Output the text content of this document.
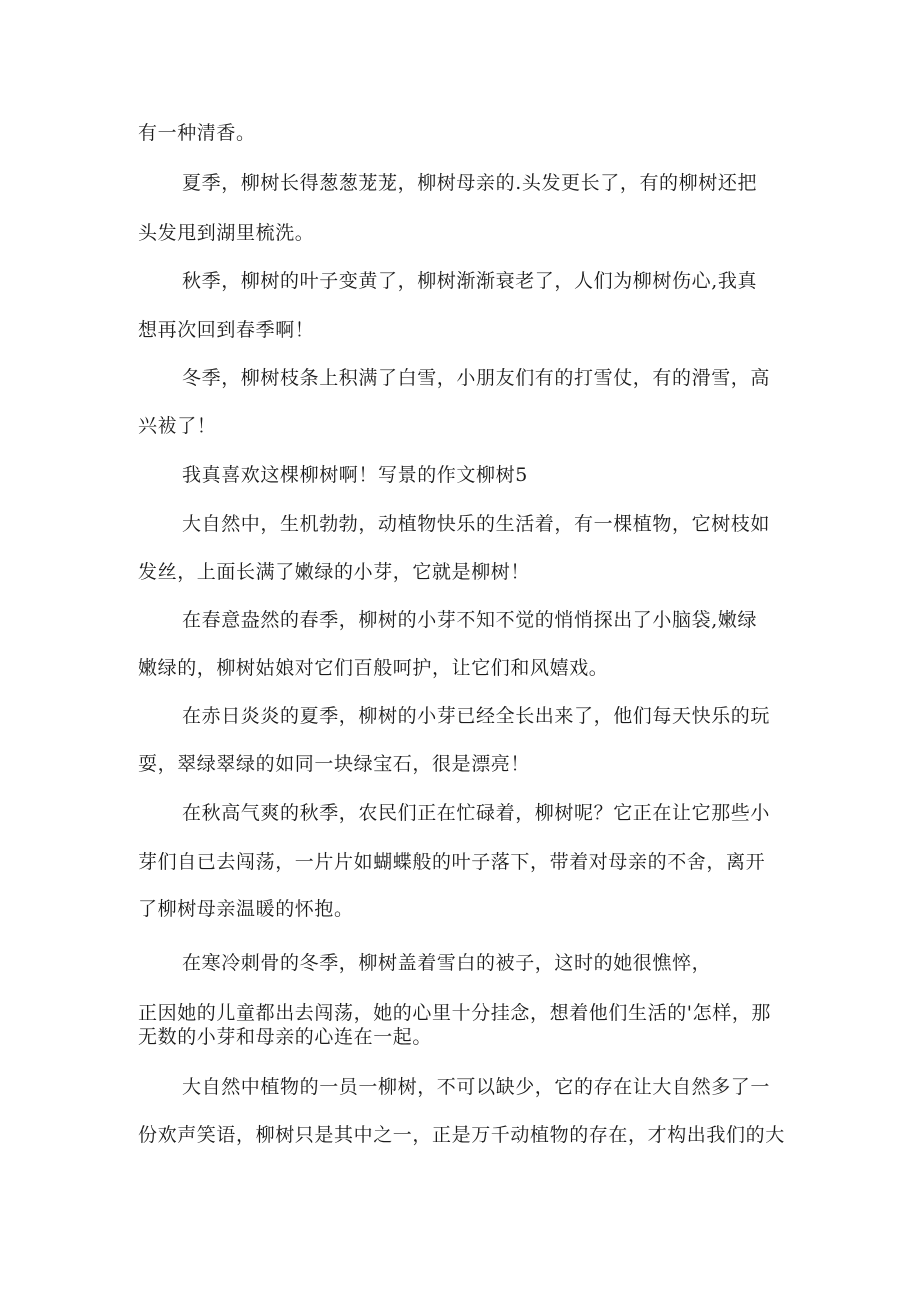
有一种清香。
夏季，柳树长得葱葱茏茏，柳树母亲的.头发更长了，有的柳树还把
头发甩到湖里梳洗。
秋季，柳树的叶子变黄了，柳树渐渐衰老了，人们为柳树伤心,我真
想再次回到春季啊！
冬季，柳树枝条上积满了白雪，小朋友们有的打雪仗，有的滑雪，高
兴袚了！
我真喜欢这棵柳树啊！写景的作文柳树5
大自然中，生机勃勃，动植物快乐的生活着，有一棵植物，它树枝如
发丝，上面长满了嫩绿的小芽，它就是柳树！
在春意盎然的春季，柳树的小芽不知不觉的悄悄探出了小脑袋,嫩绿
嫩绿的，柳树姑娘对它们百般呵护，让它们和风嬉戏。
在赤日炎炎的夏季，柳树的小芽已经全长出来了，他们每天快乐的玩
耍，翠绿翠绿的如同一块绿宝石，很是漂亮！
在秋高气爽的秋季，农民们正在忙碌着，柳树呢？它正在让它那些小
芽们自已去闯荡，一片片如蝴蝶般的叶子落下，带着对母亲的不舍，离开
了柳树母亲温暖的怀抱。
在寒冷刺骨的冬季，柳树盖着雪白的被子，这时的她很憔悴，
正因她的儿童都出去闯荡，她的心里十分挂念，想着他们生活的'怎样，那
无数的小芽和母亲的心连在一起。
大自然中植物的一员一柳树，不可以缺少，它的存在让大自然多了一
份欢声笑语，柳树只是其中之一，正是万千动植物的存在，才构出我们的大
